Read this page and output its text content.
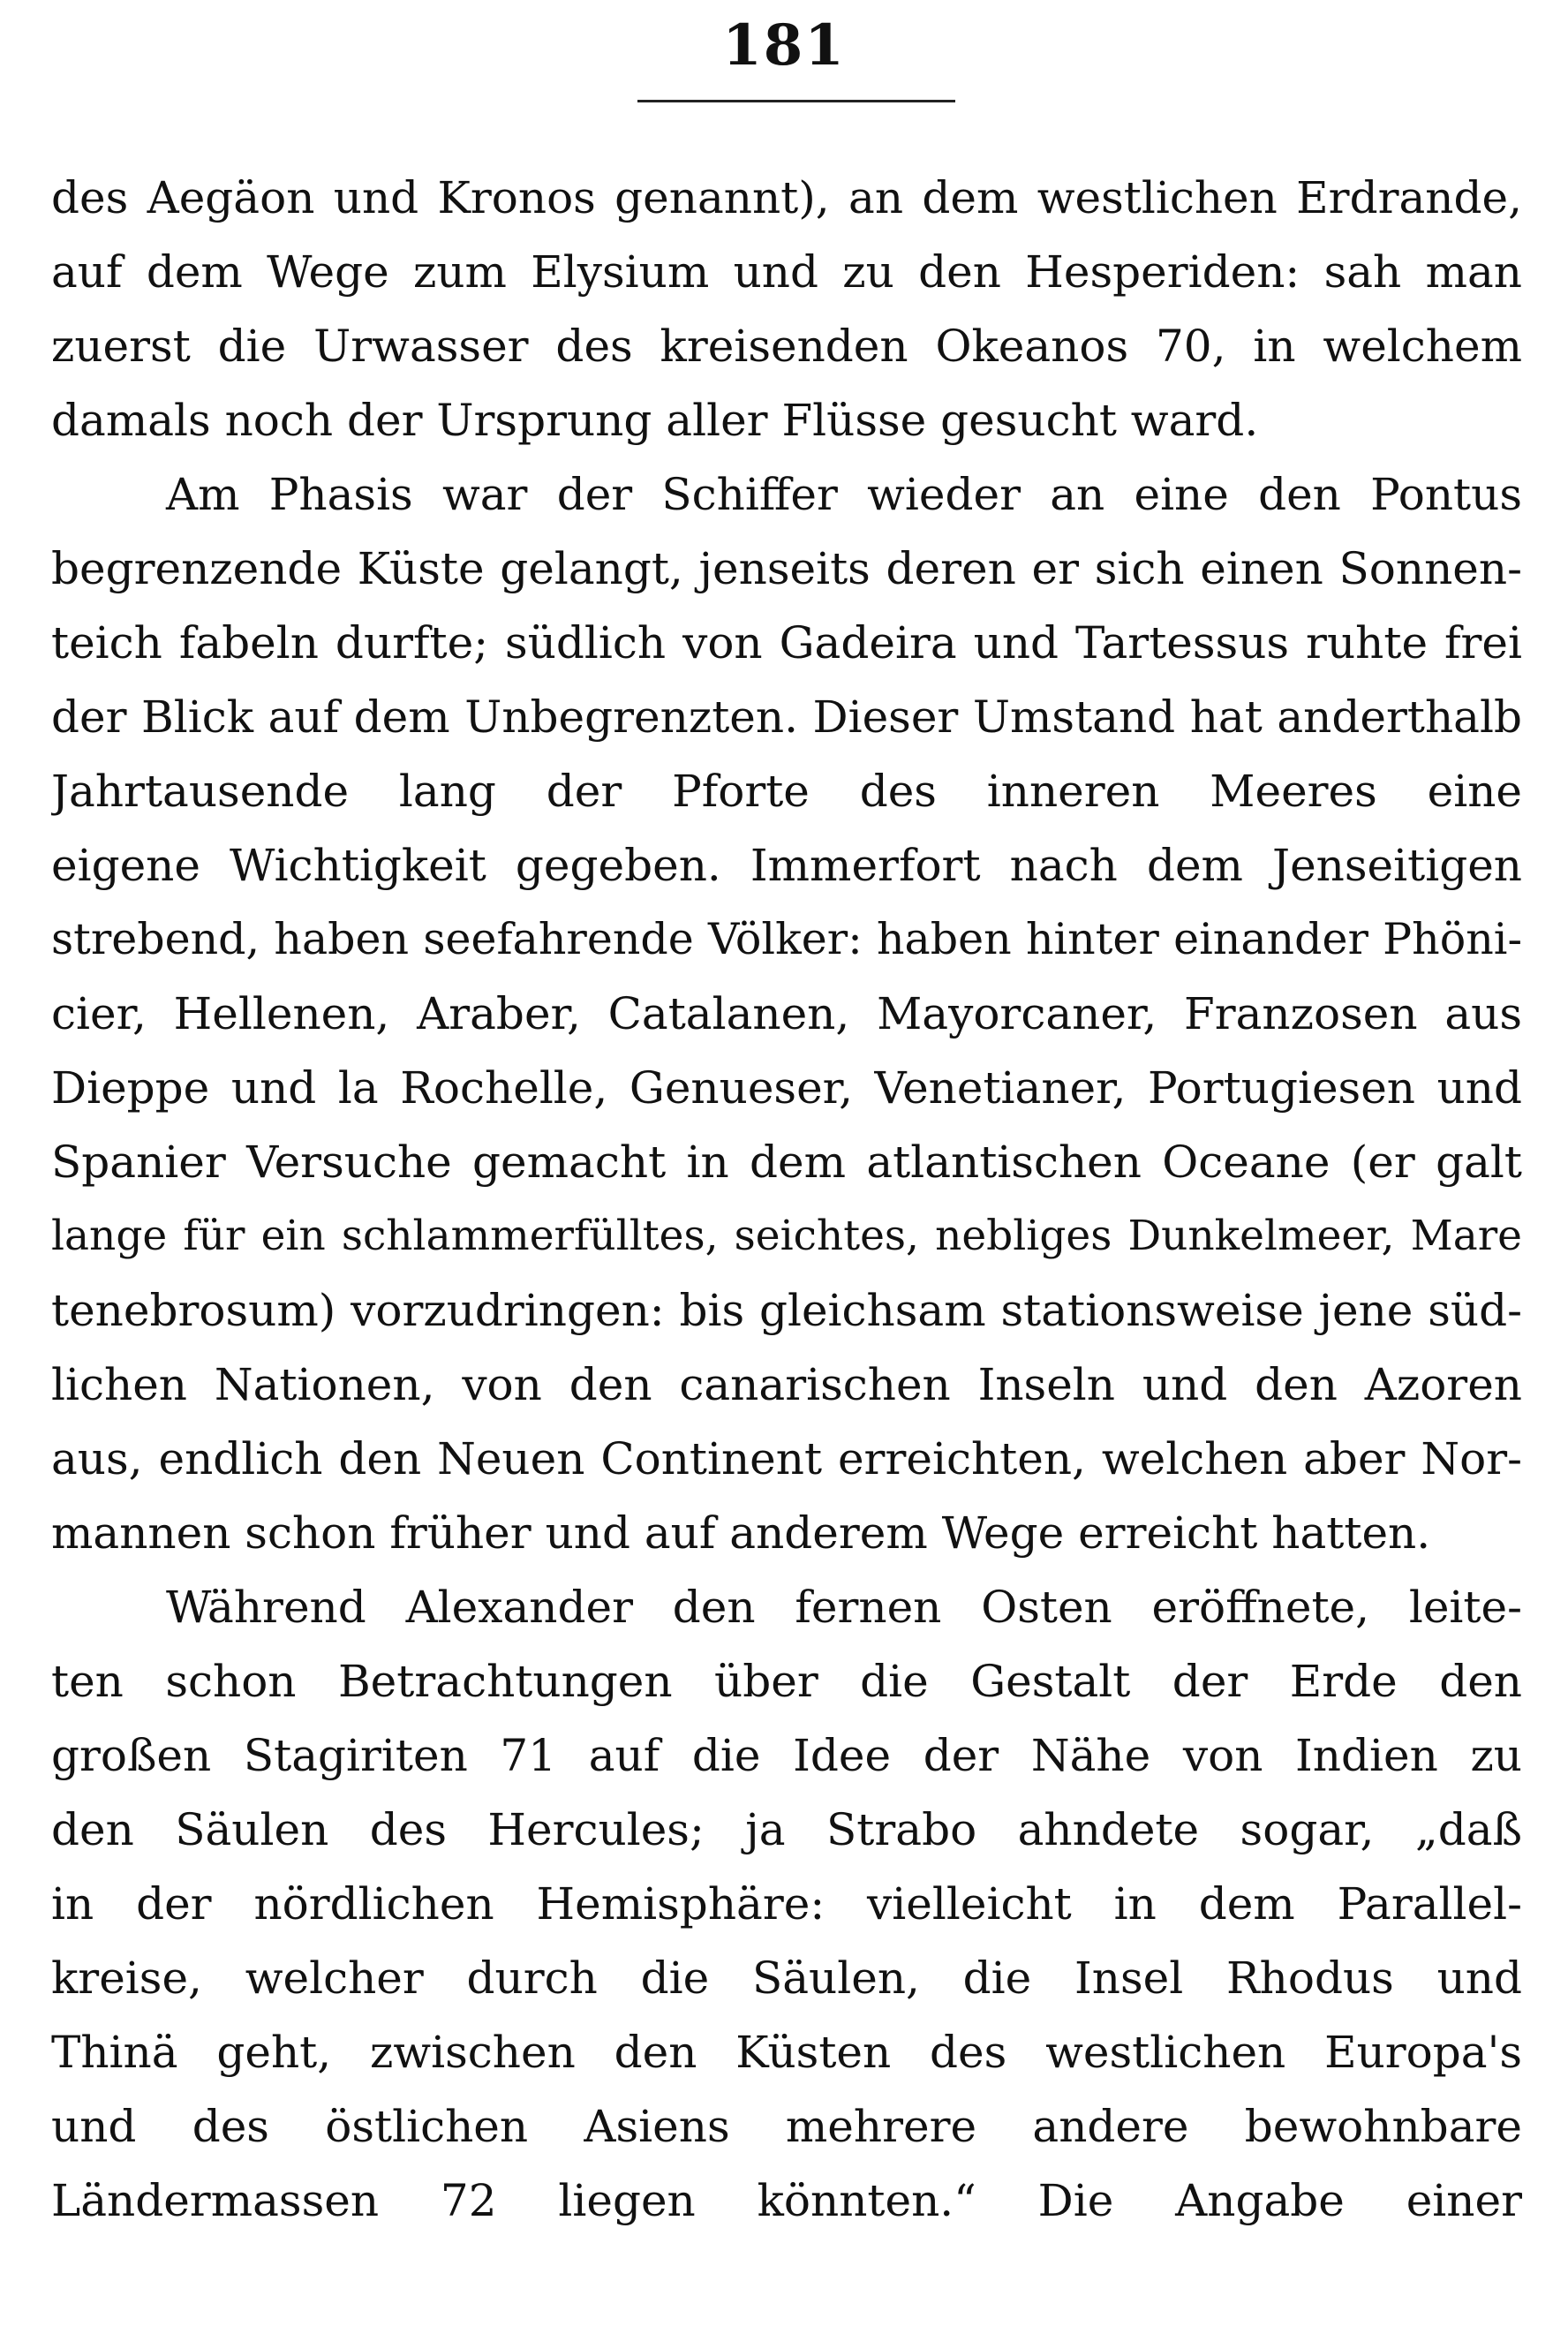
181
des Aegäon und Kronos genannt), an dem westlichen Erdrande,
auf dem Wege zum Elysium und zu den Hesperiden: sah man
zuerst die Urwasser des kreisenden Okeanos 70, in welchem
damals noch der Ursprung aller Flüsse gesucht ward.
Am Phasis war der Schiffer wieder an eine den Pontus
begrenzende Küste gelangt, jenseits deren er sich einen Sonnen-
teich fabeln durfte; südlich von Gadeira und Tartessus ruhte frei
der Blick auf dem Unbegrenzten. Dieser Umstand hat anderthalb
Jahrtausende lang der Pforte des inneren Meeres eine
eigene Wichtigkeit gegeben. Immerfort nach dem Jenseitigen
strebend, haben seefahrende Völker: haben hinter einander Phöni-
cier, Hellenen, Araber, Catalanen, Mayorcaner, Franzosen aus
Dieppe und la Rochelle, Genueser, Venetianer, Portugiesen und
Spanier Versuche gemacht in dem atlantischen Oceane (er galt
lange für ein schlammerfülltes, seichtes, nebliges Dunkelmeer, Mare
tenebrosum) vorzudringen: bis gleichsam stationsweise jene süd-
lichen Nationen, von den canarischen Inseln und den Azoren
aus, endlich den Neuen Continent erreichten, welchen aber Nor-
mannen schon früher und auf anderem Wege erreicht hatten.
Während Alexander den fernen Osten eröffnete, leite-
ten schon Betrachtungen über die Gestalt der Erde den
großen Stagiriten 71 auf die Idee der Nähe von Indien zu
den Säulen des Hercules; ja Strabo ahndete sogar, „daß
in der nördlichen Hemisphäre: vielleicht in dem Parallel-
kreise, welcher durch die Säulen, die Insel Rhodus und
Thinä geht, zwischen den Küsten des westlichen Europa's
und des östlichen Asiens mehrere andere bewohnbare
Ländermassen 72 liegen könnten.“ Die Angabe einer
